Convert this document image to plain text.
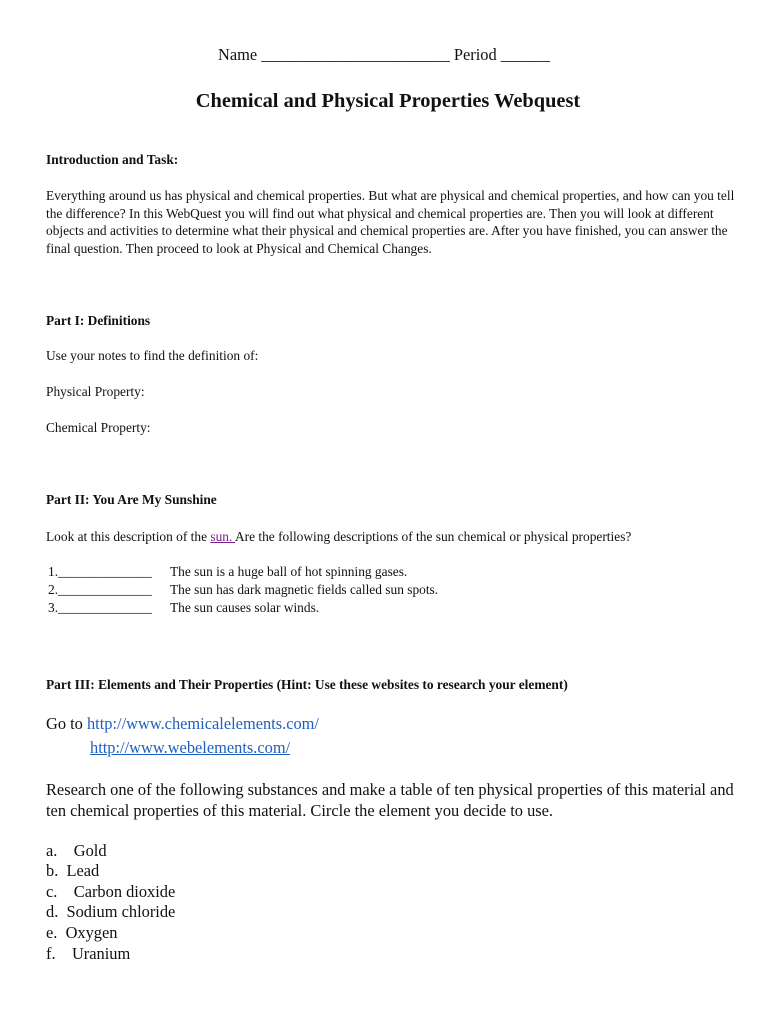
Name _______________________ Period ______
Chemical and Physical Properties Webquest
Introduction and Task:
Everything around us has physical and chemical properties. But what are physical and chemical properties, and how can you tell the difference? In this WebQuest you will find out what physical and chemical properties are. Then you will look at different objects and activities to determine what their physical and chemical properties are. After you have finished, you can answer the final question. Then proceed to look at Physical and Chemical Changes.
Part I: Definitions
Use your notes to find the definition of:
Physical Property:
Chemical Property:
Part II: You Are My Sunshine
Look at this description of the sun. Are the following descriptions of the sun chemical or physical properties?
1.______________ The sun is a huge ball of hot spinning gases.
2.______________ The sun has dark magnetic fields called sun spots.
3.______________ The sun causes solar winds.
Part III: Elements and Their Properties (Hint: Use these websites to research your element)
Go to http://www.chemicalelements.com/
http://www.webelements.com/
Research one of the following substances and make a table of ten physical properties of this material and ten chemical properties of this material. Circle the element you decide to use.
a. Gold
b. Lead
c. Carbon dioxide
d. Sodium chloride
e. Oxygen
f. Uranium
